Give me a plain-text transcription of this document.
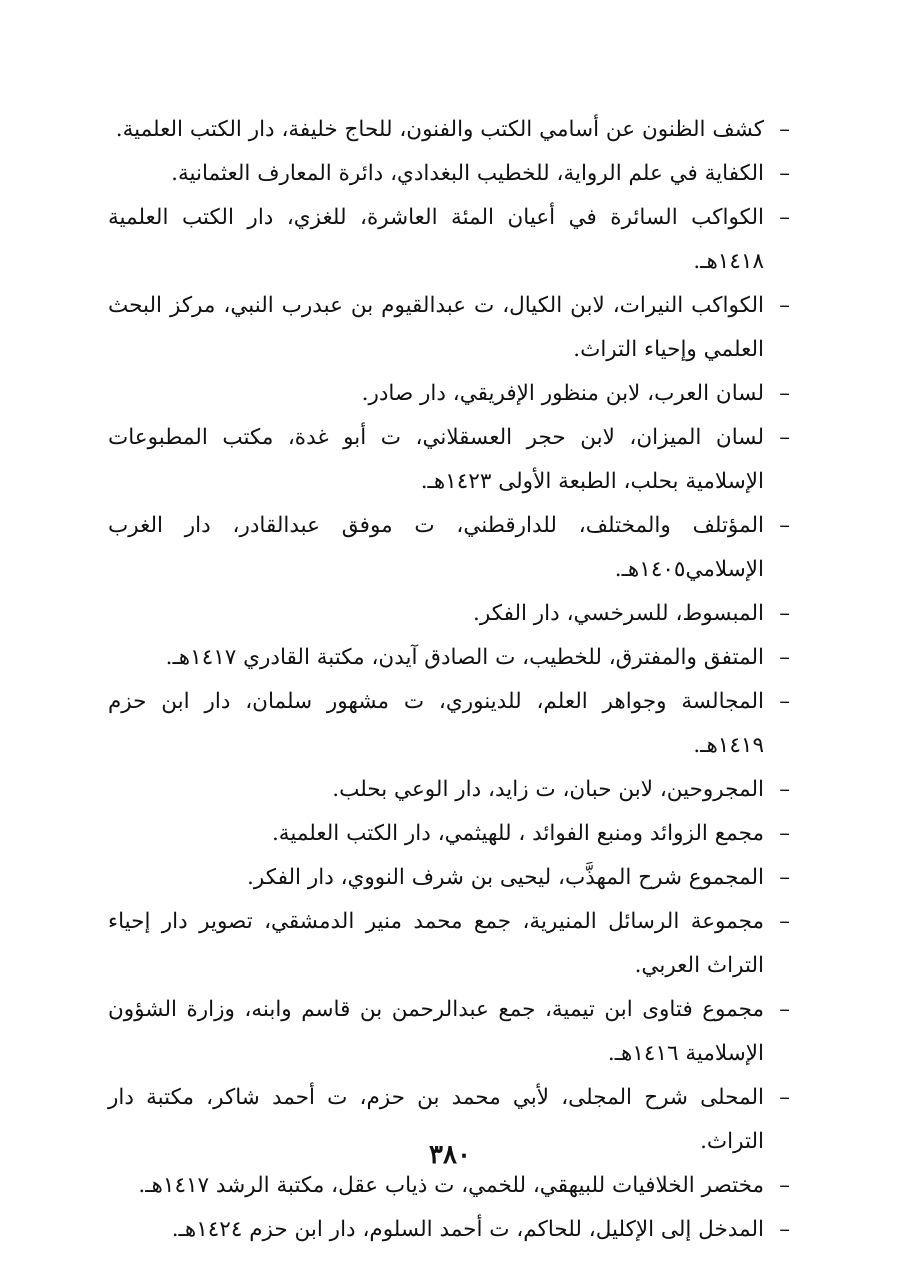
–
كشف الظنون عن أسامي الكتب والفنون، للحاج خليفة، دار الكتب العلمية.
–
الكفاية في علم الرواية، للخطيب البغدادي، دائرة المعارف العثمانية.
–
الكواكب السائرة في أعيان المئة العاشرة، للغزي، دار الكتب العلمية ١٤١٨هـ.
–
الكواكب النيرات، لابن الكيال، ت عبدالقيوم بن عبدرب النبي، مركز البحث العلمي وإحياء التراث.
–
لسان العرب، لابن منظور الإفريقي، دار صادر.
–
لسان الميزان، لابن حجر العسقلاني، ت أبو غدة، مكتب المطبوعات الإسلامية بحلب، الطبعة الأولى ١٤٢٣هـ.
–
المؤتلف والمختلف، للدارقطني، ت موفق عبدالقادر، دار الغرب الإسلامي١٤٠٥هـ.
–
المبسوط، للسرخسي، دار الفكر.
–
المتفق والمفترق، للخطيب، ت الصادق آيدن، مكتبة القادري ١٤١٧هـ.
–
المجالسة وجواهر العلم، للدينوري، ت مشهور سلمان، دار ابن حزم ١٤١٩هـ.
–
المجروحين، لابن حبان، ت زايد، دار الوعي بحلب.
–
مجمع الزوائد ومنبع الفوائد ، للهيثمي، دار الكتب العلمية.
–
المجموع شرح المهذَّب، ليحيى بن شرف النووي، دار الفكر.
–
مجموعة الرسائل المنيرية، جمع محمد منير الدمشقي، تصوير دار إحياء التراث العربي.
–
مجموع فتاوى ابن تيمية، جمع عبدالرحمن بن قاسم وابنه، وزارة الشؤون الإسلامية ١٤١٦هـ.
–
المحلى شرح المجلى، لأبي محمد بن حزم، ت أحمد شاكر، مكتبة دار التراث.
–
مختصر الخلافيات للبيهقي، للخمي، ت ذياب عقل، مكتبة الرشد ١٤١٧هـ.
–
المدخل إلى الإكليل، للحاكم، ت أحمد السلوم، دار ابن حزم ١٤٢٤هـ.
٣٨٠
